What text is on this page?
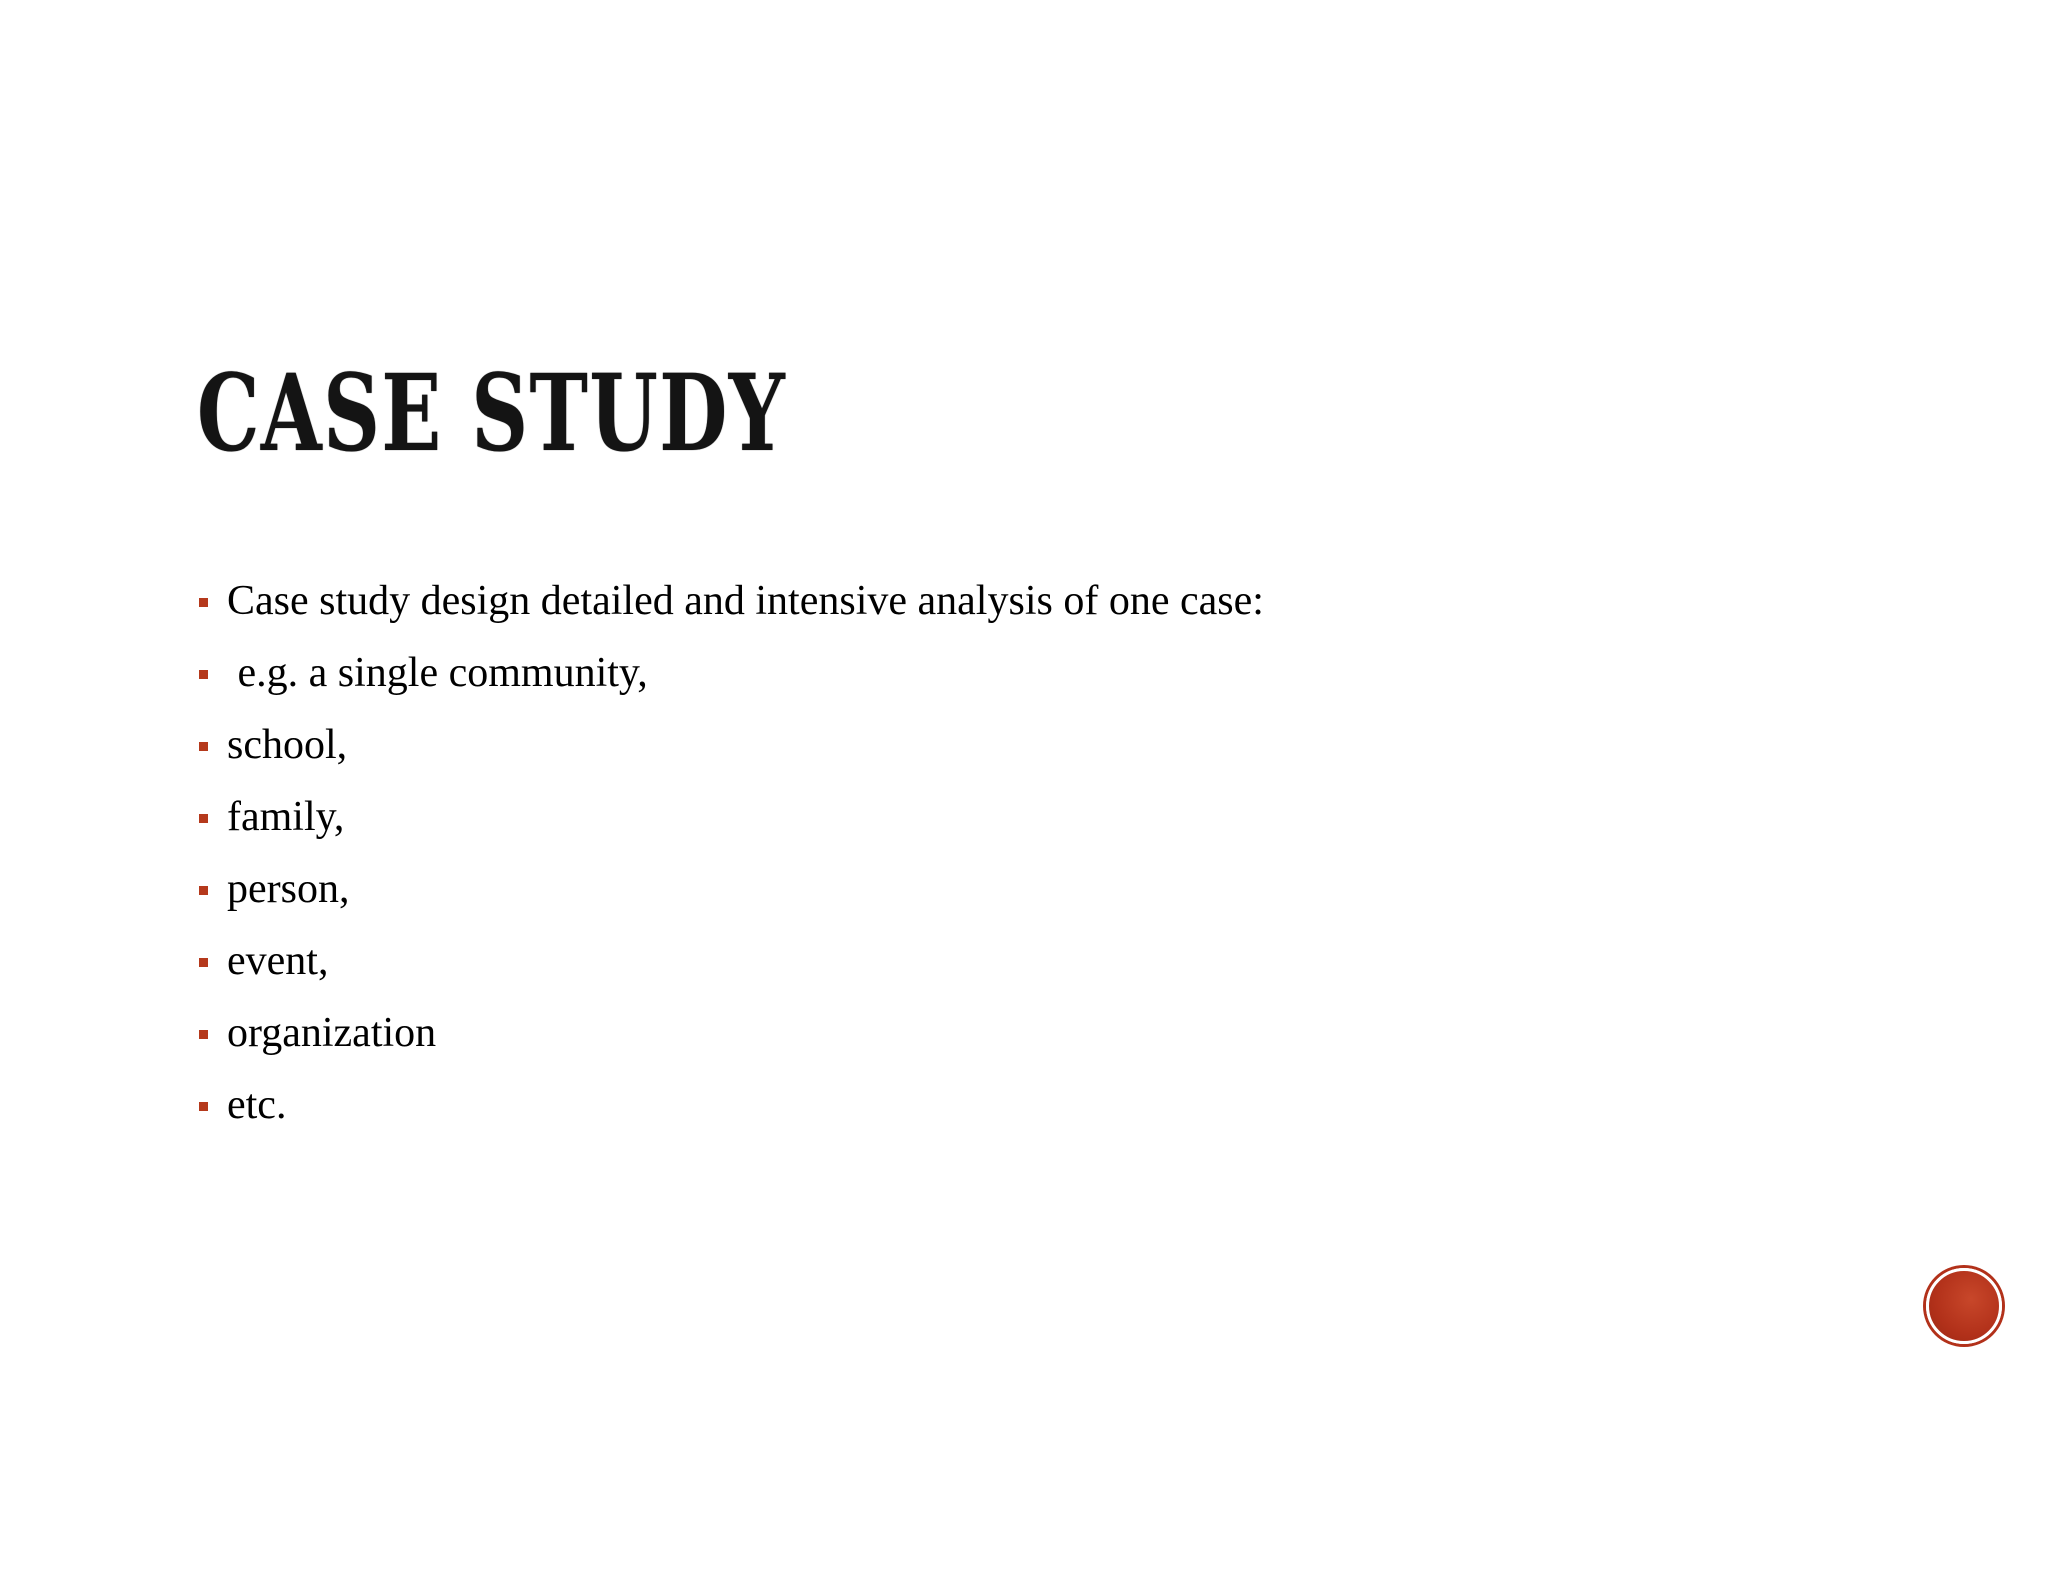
CASE STUDY
Case study design detailed and intensive analysis of one case:
e.g. a single community,
school,
family,
person,
event,
organization
etc.
